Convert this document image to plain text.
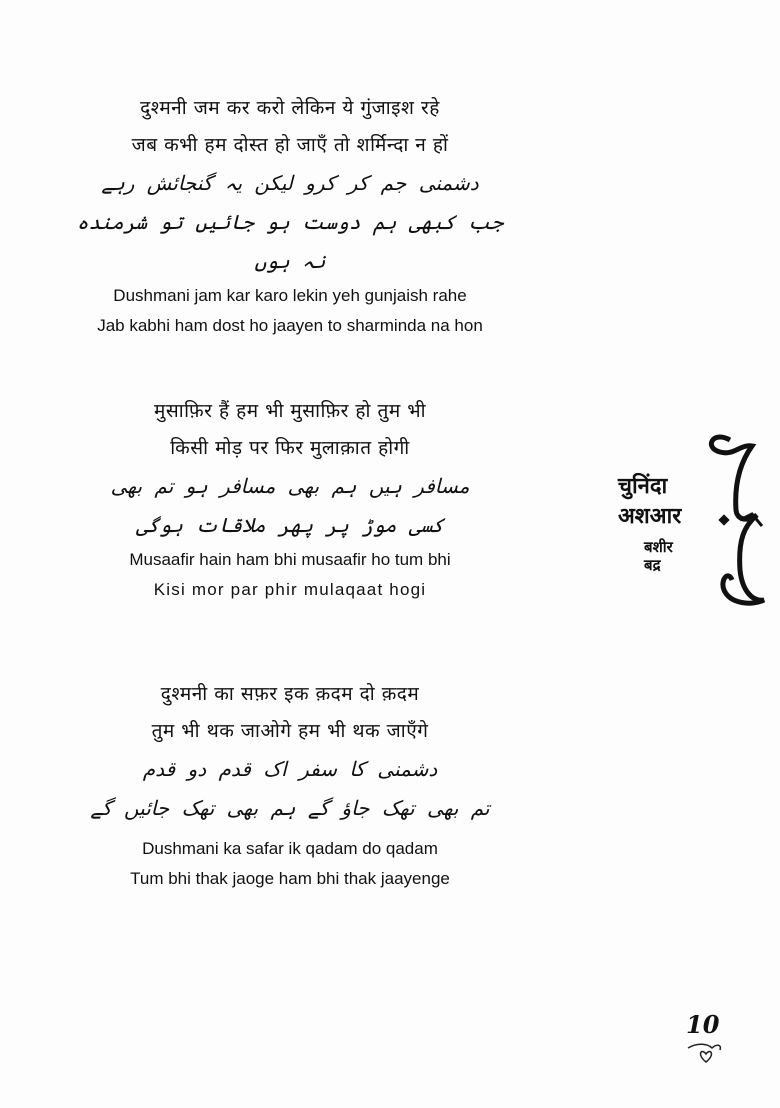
दुश्मनी जम कर करो लेकिन ये गुंजाइश रहे
जब कभी हम दोस्त हो जाएँ तो शर्मिन्दा न हों
دشمنی جم کر کرو لیکن یہ گنجائش رہے
جب کبھی ہم دوست ہو جائیں تو شرمندہ نہ ہوں
Dushmani jam kar karo lekin yeh gunjaish rahe
Jab kabhi ham dost ho jaayen to sharminda na hon
मुसाफ़िर हैं हम भी मुसाफ़िर हो तुम भी
किसी मोड़ पर फिर मुलाक़ात होगी
مسافر ہیں ہم بھی مسافر ہو تم بھی
کسی موڑ پر پھر ملاقات ہوگی
Musaafir hain ham bhi musaafir ho tum bhi
Kisi mor par phir mulaqaat hogi
दुश्मनी का सफ़र इक क़दम दो क़दम
तुम भी थक जाओगे हम भी थक जाएँगे
دشمنی کا سفر اک قدم دو قدم
تم بھی تھک جاؤ گے ہم بھی تھک جائیں گے
Dushmani ka safar ik qadam do qadam
Tum bhi thak jaoge ham bhi thak jaayenge
चुनिंदा
अशआर
बशीर
बद्र
10
